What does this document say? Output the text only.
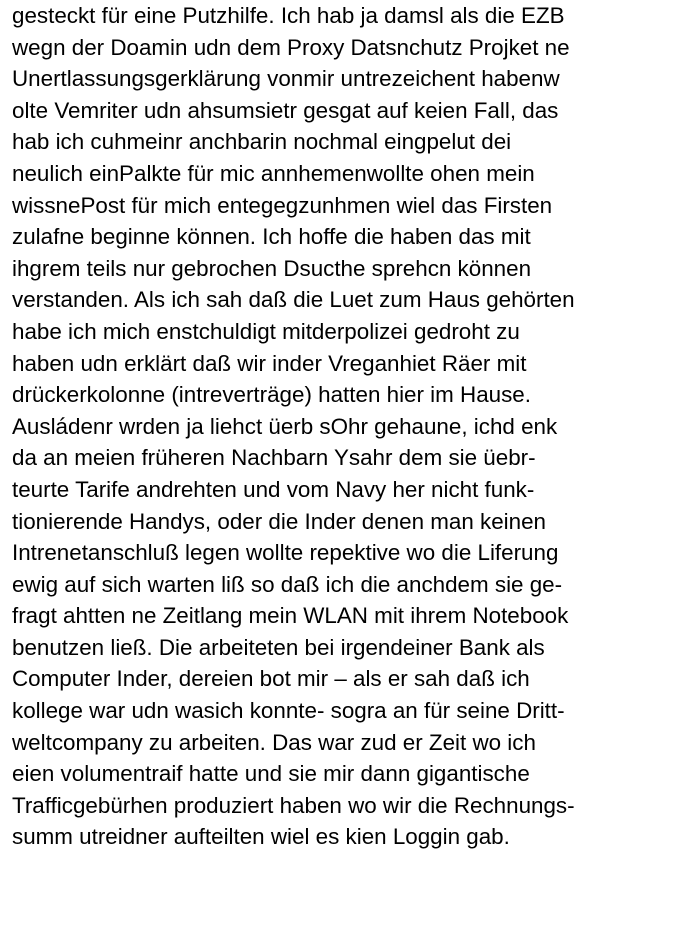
gesteckt für eine Putzhilfe. Ich hab ja damsl als die EZB
wegn der Doamin udn dem Proxy Datsnchutz Projket ne
Unertlassungsgerklärung vonmir untrezeichent habenw
olte Vemriter udn ahsumsietr gesgat auf keien Fall, das
hab ich cuhmeinr anchbarin nochmal eingpelut dei
neulich einPalkte für mic annhemenwollte ohen mein
wissnePost für mich entegegzunhmen wiel das Firsten
zulafne beginne können. Ich hoffe die haben das mit
ihgrem teils nur gebrochen Dsucthe sprehcn können
verstanden. Als ich sah daß die Luet zum Haus gehörten
habe ich mich enstchuldigt mitderpolizei gedroht zu
haben udn erklärt daß wir inder Vreganhiet Räer mit
drückerkolonne (intreverträge) hatten hier im Hause.
Ausládenr wrden ja liehct üerb sOhr gehaune, ichd enk
da an meien früheren Nachbarn Ysahr dem sie üebr-
teurte Tarife andrehten und vom Navy her nicht funk-
tionierende Handys, oder die Inder denen man keinen
Intrenetanschluß legen wollte repektive wo die Liferung
ewig auf sich warten liß so daß ich die anchdem sie ge-
fragt ahtten ne Zeitlang mein WLAN mit ihrem Notebook
benutzen ließ. Die arbeiteten bei irgendeiner Bank als
Computer Inder, dereien bot mir – als er sah daß ich
kollege war udn wasich konnte- sogra an für seine Dritt-
weltcompany zu arbeiten. Das war zud er Zeit wo ich
eien volumentraif hatte und sie mir dann gigantische
Trafficgebürhen produziert haben wo wir die Rechnungs-
summ utreidner aufteilten wiel es kien Loggin gab.
